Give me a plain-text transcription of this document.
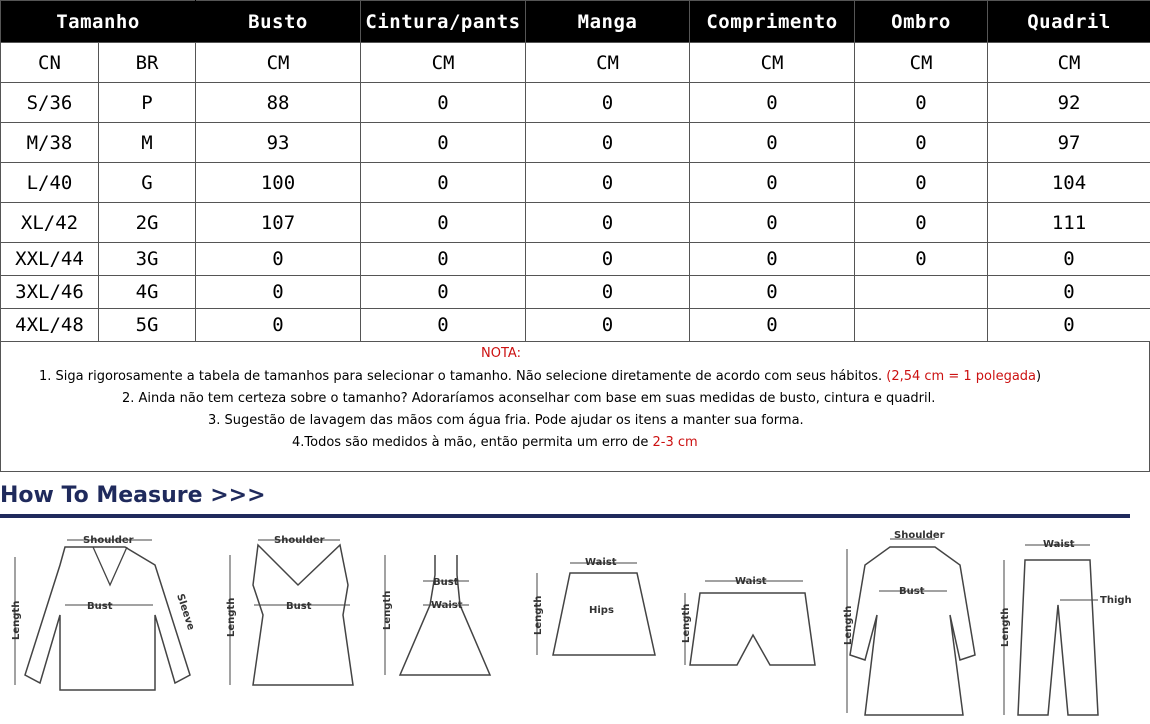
Tamanho		Busto	Cintura/pants	Manga	Comprimento	Ombro	Quadril
CN	BR	CM	CM	CM	CM	CM	CM
S/36	P	88	0	0	0	0	92
M/38	M	93	0	0	0	0	97
L/40	G	100	0	0	0	0	104
XL/42	2G	107	0	0	0	0	111
XXL/44	3G	0	0	0	0	0	0
3XL/46	4G	0	0	0	0		0
4XL/48	5G	0	0	0	0		0
NOTA:
1. Siga rigorosamente a tabela de tamanhos para selecionar o tamanho. Não selecione diretamente de acordo com seus hábitos. (2,54 cm = 1 polegada)
2. Ainda não tem certeza sobre o tamanho? Adoraríamos aconselhar com base em suas medidas de busto, cintura e quadril.
3. Sugestão de lavagem das mãos com água fria. Pode ajudar os itens a manter sua forma.
4.Todos são medidos à mão, então permita um erro de 2-3 cm
How To Measure >>>
Shoulder
Bust
Length	Sleeve
Shoulder
Bust
Length
Bust
Waist
Length
Waist
Hips
Length
Waist
Length
Shoulder
Bust
Length
Waist
Thigh
Length
